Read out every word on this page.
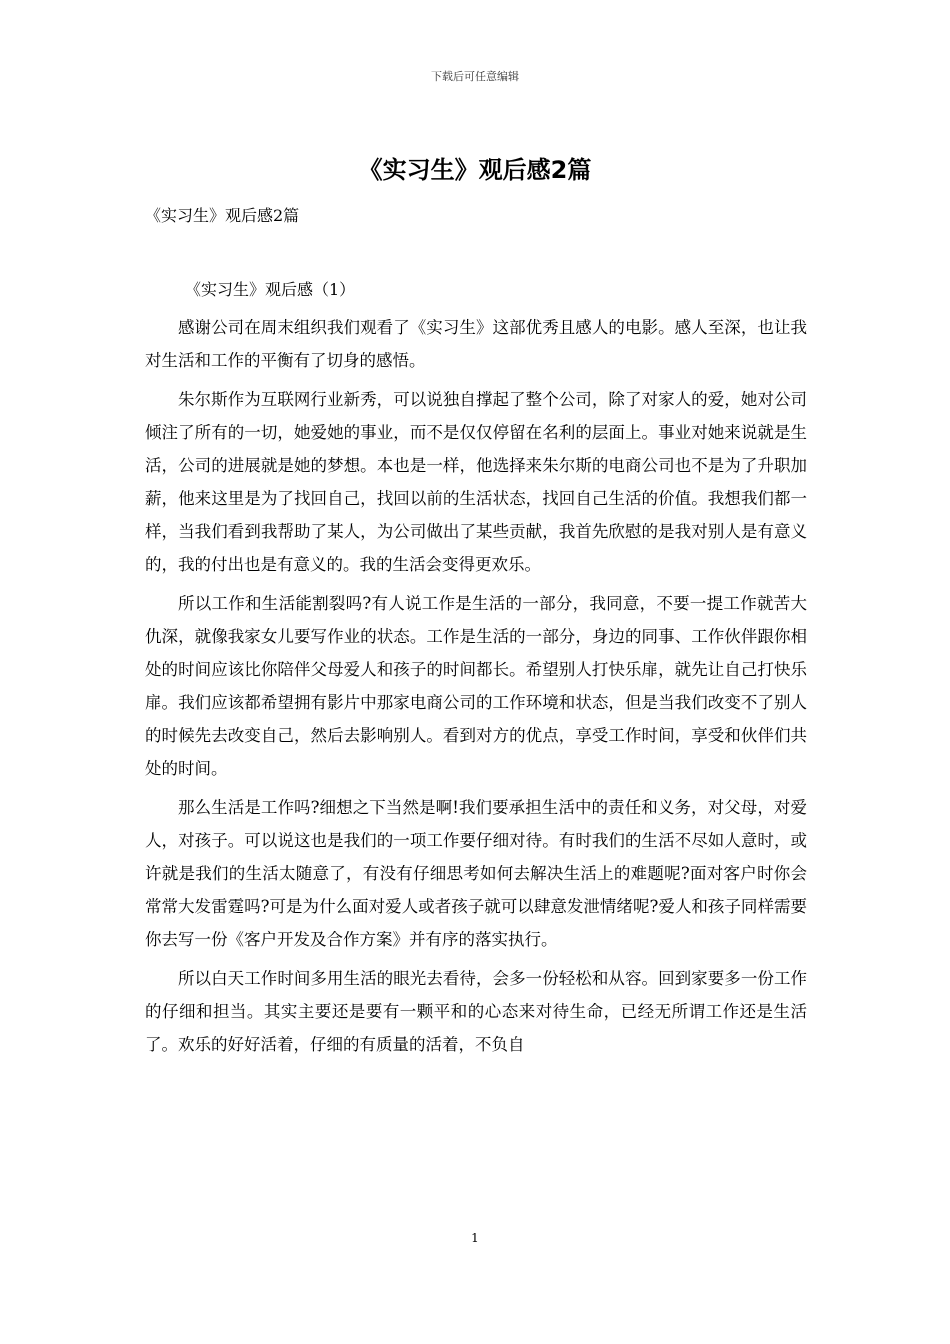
下载后可任意编辑
《实习生》观后感2篇
《实习生》观后感2篇
《实习生》观后感（1）

感谢公司在周末组织我们观看了《实习生》这部优秀且感人的电影。感人至深，也让我对生活和工作的平衡有了切身的感悟。

朱尔斯作为互联网行业新秀，可以说独自撑起了整个公司，除了对家人的爱，她对公司倾注了所有的一切，她爱她的事业，而不是仅仅停留在名利的层面上。事业对她来说就是生活，公司的进展就是她的梦想。本也是一样，他选择来朱尔斯的电商公司也不是为了升职加薪，他来这里是为了找回自己，找回以前的生活状态，找回自己生活的价值。我想我们都一样，当我们看到我帮助了某人，为公司做出了某些贡献，我首先欣慰的是我对别人是有意义的，我的付出也是有意义的。我的生活会变得更欢乐。

所以工作和生活能割裂吗?有人说工作是生活的一部分，我同意，不要一提工作就苦大仇深，就像我家女儿要写作业的状态。工作是生活的一部分，身边的同事、工作伙伴跟你相处的时间应该比你陪伴父母爱人和孩子的时间都长。希望别人打快乐扉，就先让自己打快乐扉。我们应该都希望拥有影片中那家电商公司的工作环境和状态，但是当我们改变不了别人的时候先去改变自己，然后去影响别人。看到对方的优点，享受工作时间，享受和伙伴们共处的时间。

那么生活是工作吗?细想之下当然是啊!我们要承担生活中的责任和义务，对父母，对爱人，对孩子。可以说这也是我们的一项工作要仔细对待。有时我们的生活不尽如人意时，或许就是我们的生活太随意了，有没有仔细思考如何去解决生活上的难题呢?面对客户时你会常常大发雷霆吗?可是为什么面对爱人或者孩子就可以肆意发泄情绪呢?爱人和孩子同样需要你去写一份《客户开发及合作方案》并有序的落实执行。

所以白天工作时间多用生活的眼光去看待，会多一份轻松和从容。回到家要多一份工作的仔细和担当。其实主要还是要有一颗平和的心态来对待生命，已经无所谓工作还是生活了。欢乐的好好活着，仔细的有质量的活着，不负自

1
